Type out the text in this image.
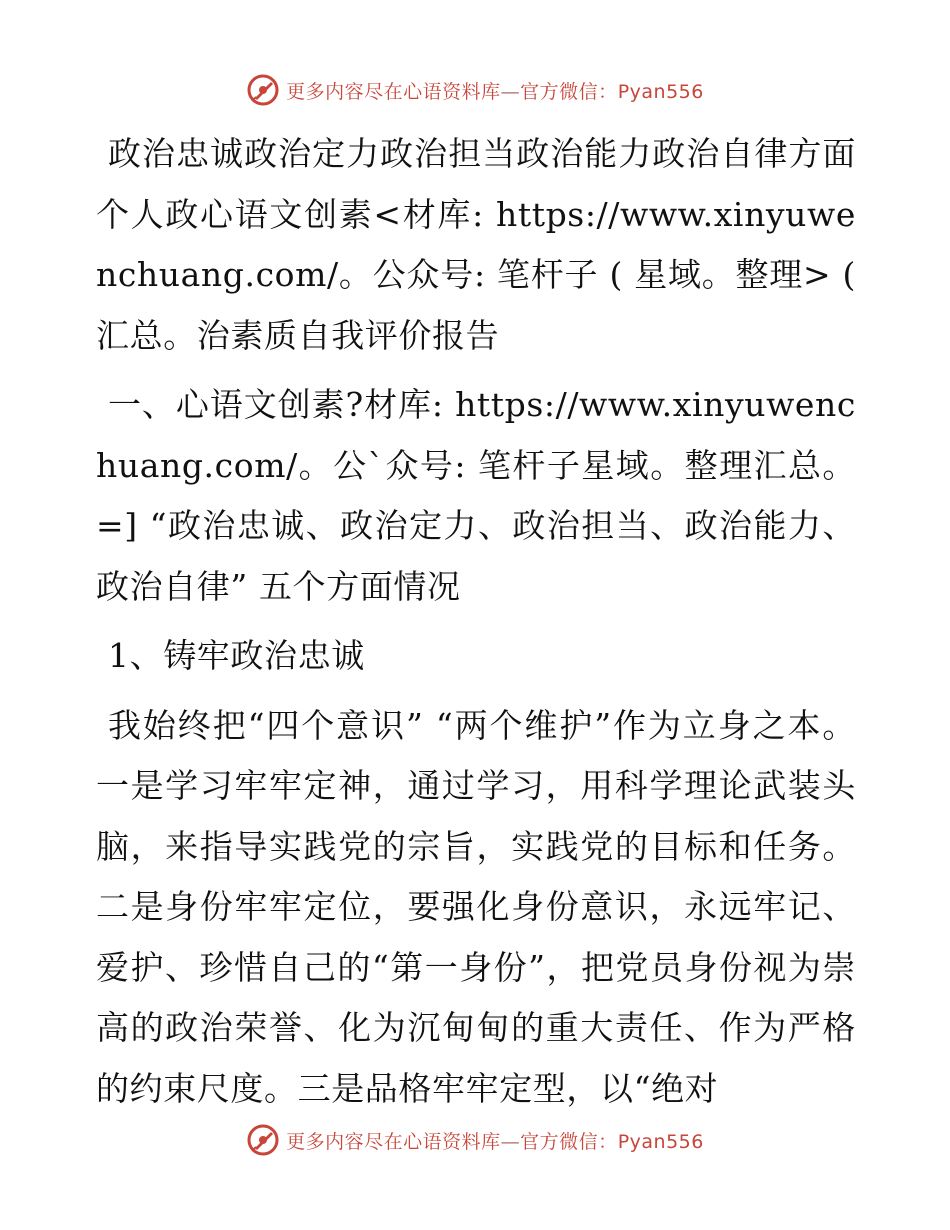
更多内容尽在心语资料库—官方微信：Pyan556

政治忠诚政治定力政治担当政治能力政治自律方面个人政心语文创素<材库: https://www.xinyuwenchuang.com/。公众号: 笔杆子 ( 星域。整理> ( 汇总。治素质自我评价报告

一、心语文创素?材库: https://www.xinyuwenchuang.com/。公`众号: 笔杆子星域。整理汇总。=] “政治忠诚、政治定力、政治担当、政治能力、政治自律” 五个方面情况

1、铸牢政治忠诚

我始终把“四个意识” “两个维护”作为立身之本。一是学习牢牢定神，通过学习，用科学理论武装头脑，来指导实践党的宗旨，实践党的目标和任务。二是身份牢牢定位，要强化身份意识，永远牢记、爱护、珍惜自己的“第一身份”，把党员身份视为崇高的政治荣誉、化为沉甸甸的重大责任、作为严格的约束尺度。三是品格牢牢定型，以“绝对

更多内容尽在心语资料库—官方微信：Pyan556
